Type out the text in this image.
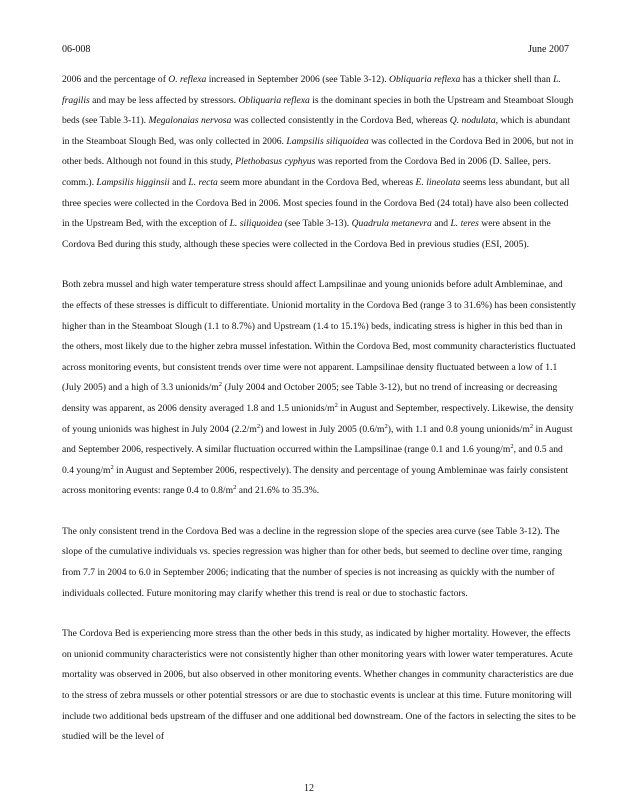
06-008	June 2007

2006 and the percentage of O. reflexa increased in September 2006 (see Table 3-12). Obliquaria reflexa has a thicker shell than L. fragilis and may be less affected by stressors. Obliquaria reflexa is the dominant species in both the Upstream and Steamboat Slough beds (see Table 3-11). Megalonaias nervosa was collected consistently in the Cordova Bed, whereas Q. nodulata, which is abundant in the Steamboat Slough Bed, was only collected in 2006. Lampsilis siliquoidea was collected in the Cordova Bed in 2006, but not in other beds. Although not found in this study, Plethobasus cyphyus was reported from the Cordova Bed in 2006 (D. Sallee, pers. comm.). Lampsilis higginsii and L. recta seem more abundant in the Cordova Bed, whereas E. lineolata seems less abundant, but all three species were collected in the Cordova Bed in 2006. Most species found in the Cordova Bed (24 total) have also been collected in the Upstream Bed, with the exception of L. siliquoidea (see Table 3-13). Quadrula metanevra and L. teres were absent in the Cordova Bed during this study, although these species were collected in the Cordova Bed in previous studies (ESI, 2005).

Both zebra mussel and high water temperature stress should affect Lampsilinae and young unionids before adult Ambleminae, and the effects of these stresses is difficult to differentiate. Unionid mortality in the Cordova Bed (range 3 to 31.6%) has been consistently higher than in the Steamboat Slough (1.1 to 8.7%) and Upstream (1.4 to 15.1%) beds, indicating stress is higher in this bed than in the others, most likely due to the higher zebra mussel infestation. Within the Cordova Bed, most community characteristics fluctuated across monitoring events, but consistent trends over time were not apparent. Lampsilinae density fluctuated between a low of 1.1 (July 2005) and a high of 3.3 unionids/$m^2$ (July 2004 and October 2005; see Table 3-12), but no trend of increasing or decreasing density was apparent, as 2006 density averaged 1.8 and 1.5 unionids/$m^2$ in August and September, respectively. Likewise, the density of young unionids was highest in July 2004 $(2.2/m^2)$ and lowest in July 2005 $(0.6/m^2)$, with 1.1 and 0.8 young unionids/$m^2$ in August and September 2006, respectively. A similar fluctuation occurred within the Lampsilinae (range 0.1 and 1.6 young/$m^2$, and 0.5 and 0.4 young/$m^2$ in August and September 2006, respectively). The density and percentage of young Ambleminae was fairly consistent across monitoring events: range 0.4 to $0.8/m^2$ and 21.6% to 35.3%.

The only consistent trend in the Cordova Bed was a decline in the regression slope of the species area curve (see Table 3-12). The slope of the cumulative individuals vs. species regression was higher than for other beds, but seemed to decline over time, ranging from 7.7 in 2004 to 6.0 in September 2006; indicating that the number of species is not increasing as quickly with the number of individuals collected. Future monitoring may clarify whether this trend is real or due to stochastic factors.

The Cordova Bed is experiencing more stress than the other beds in this study, as indicated by higher mortality. However, the effects on unionid community characteristics were not consistently higher than other monitoring years with lower water temperatures. Acute mortality was observed in 2006, but also observed in other monitoring events. Whether changes in community characteristics are due to the stress of zebra mussels or other potential stressors or are due to stochastic events is unclear at this time. Future monitoring will include two additional beds upstream of the diffuser and one additional bed downstream. One of the factors in selecting the sites to be studied will be the level of

12
